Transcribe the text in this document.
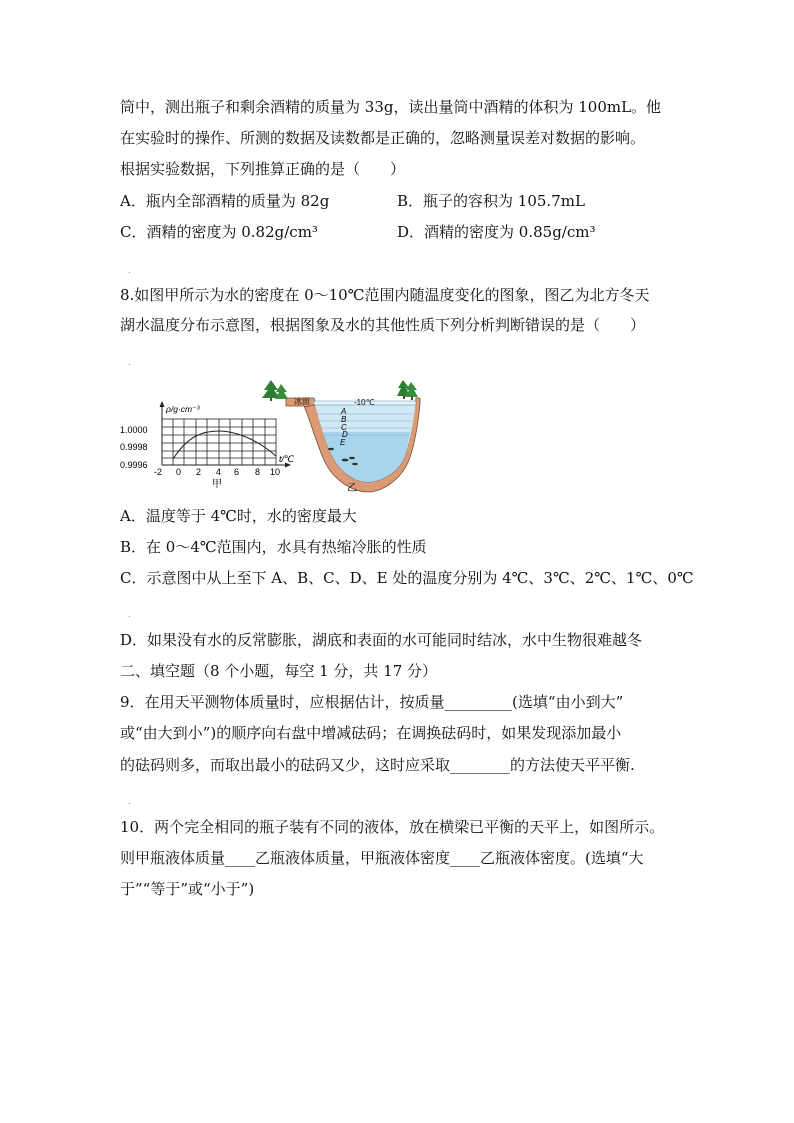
筒中，测出瓶子和剩余酒精的质量为 33g，读出量筒中酒精的体积为 100mL。他
在实验时的操作、所测的数据及读数都是正确的，忽略测量误差对数据的影响。
根据实验数据，下列推算正确的是（　　）
A．瓶内全部酒精的质量为 82g	B．瓶子的容积为 105.7mL
C．酒精的密度为 0.82g/cm³	D．酒精的密度为 0.85g/cm³
.
8.如图甲所示为水的密度在 0～10℃范围内随温度变化的图象，图乙为北方冬天
湖水温度分布示意图，根据图象及水的其他性质下列分析判断错误的是（　　）
.
ρ/g·cm⁻³
1.0000
0.9998
0.9996
-2 0 2 4 6 8 10
t/℃
甲
A
B
C
D
E
冰面	-10℃
乙
A．温度等于 4℃时，水的密度最大
B．在 0～4℃范围内，水具有热缩冷胀的性质
C．示意图中从上至下 A、B、C、D、E 处的温度分别为 4℃、3℃、2℃、1℃、0℃
.
D．如果没有水的反常膨胀，湖底和表面的水可能同时结冰，水中生物很难越冬
二、填空题（8 个小题，每空 1 分，共 17 分）
9．在用天平测物体质量时，应根据估计，按质量_________(选填“由小到大”
或“由大到小”)的顺序向右盘中增减砝码；在调换砝码时，如果发现添加最小
的砝码则多，而取出最小的砝码又少，这时应采取________的方法使天平平衡.
.
10．两个完全相同的瓶子装有不同的液体，放在横梁已平衡的天平上，如图所示。
则甲瓶液体质量____乙瓶液体质量，甲瓶液体密度____乙瓶液体密度。(选填“大
于”“等于”或“小于”)
